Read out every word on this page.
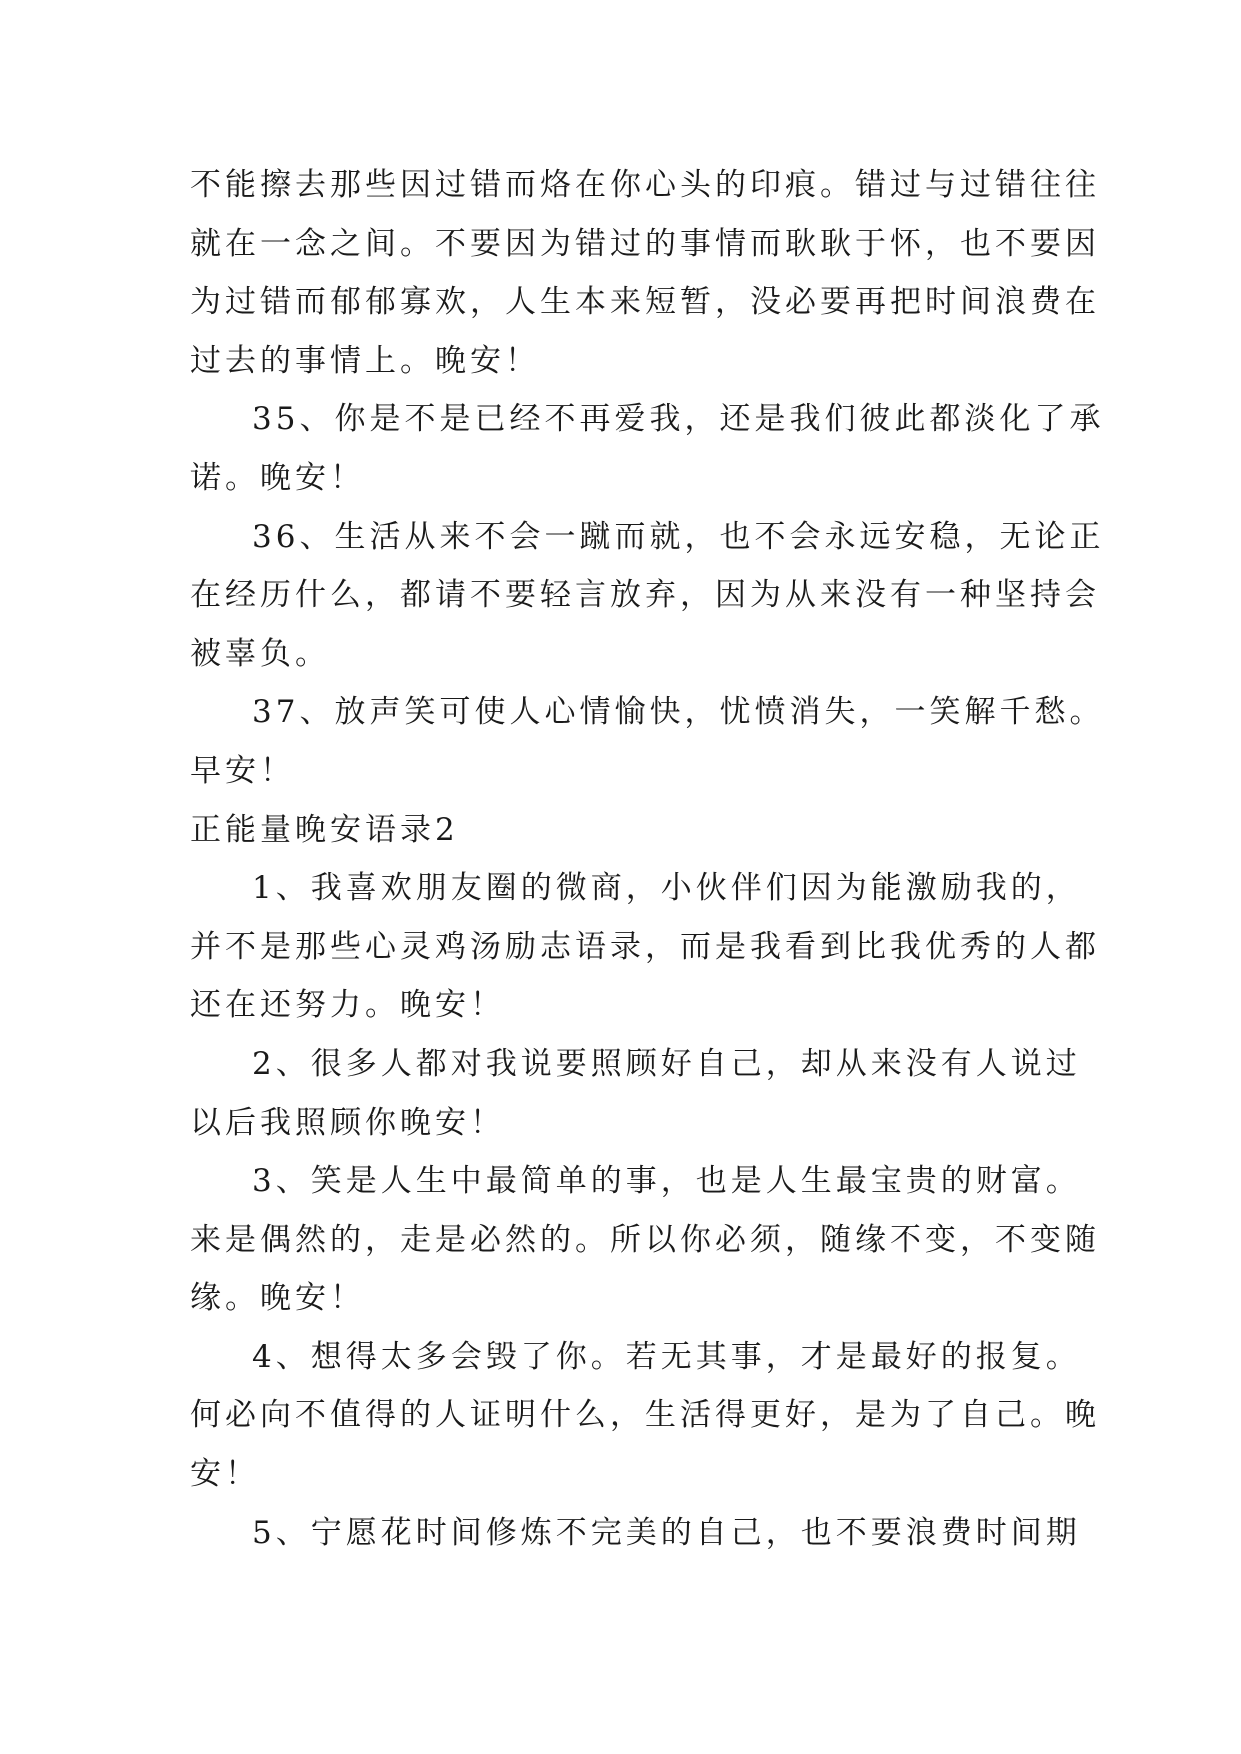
不能擦去那些因过错而烙在你心头的印痕。错过与过错往往
就在一念之间。不要因为错过的事情而耿耿于怀，也不要因
为过错而郁郁寡欢，人生本来短暂，没必要再把时间浪费在
过去的事情上。晚安！
35、你是不是已经不再爱我，还是我们彼此都淡化了承
诺。晚安！
36、生活从来不会一蹴而就，也不会永远安稳，无论正
在经历什么，都请不要轻言放弃，因为从来没有一种坚持会
被辜负。
37、放声笑可使人心情愉快，忧愤消失，一笑解千愁。
早安！
正能量晚安语录2
1、我喜欢朋友圈的微商，小伙伴们因为能激励我的，
并不是那些心灵鸡汤励志语录，而是我看到比我优秀的人都
还在还努力。晚安！
2、很多人都对我说要照顾好自己，却从来没有人说过
以后我照顾你晚安！
3、笑是人生中最简单的事，也是人生最宝贵的财富。
来是偶然的，走是必然的。所以你必须，随缘不变，不变随
缘。晚安！
4、想得太多会毁了你。若无其事，才是最好的报复。
何必向不值得的人证明什么，生活得更好，是为了自己。晚
安！
5、宁愿花时间修炼不完美的自己，也不要浪费时间期
